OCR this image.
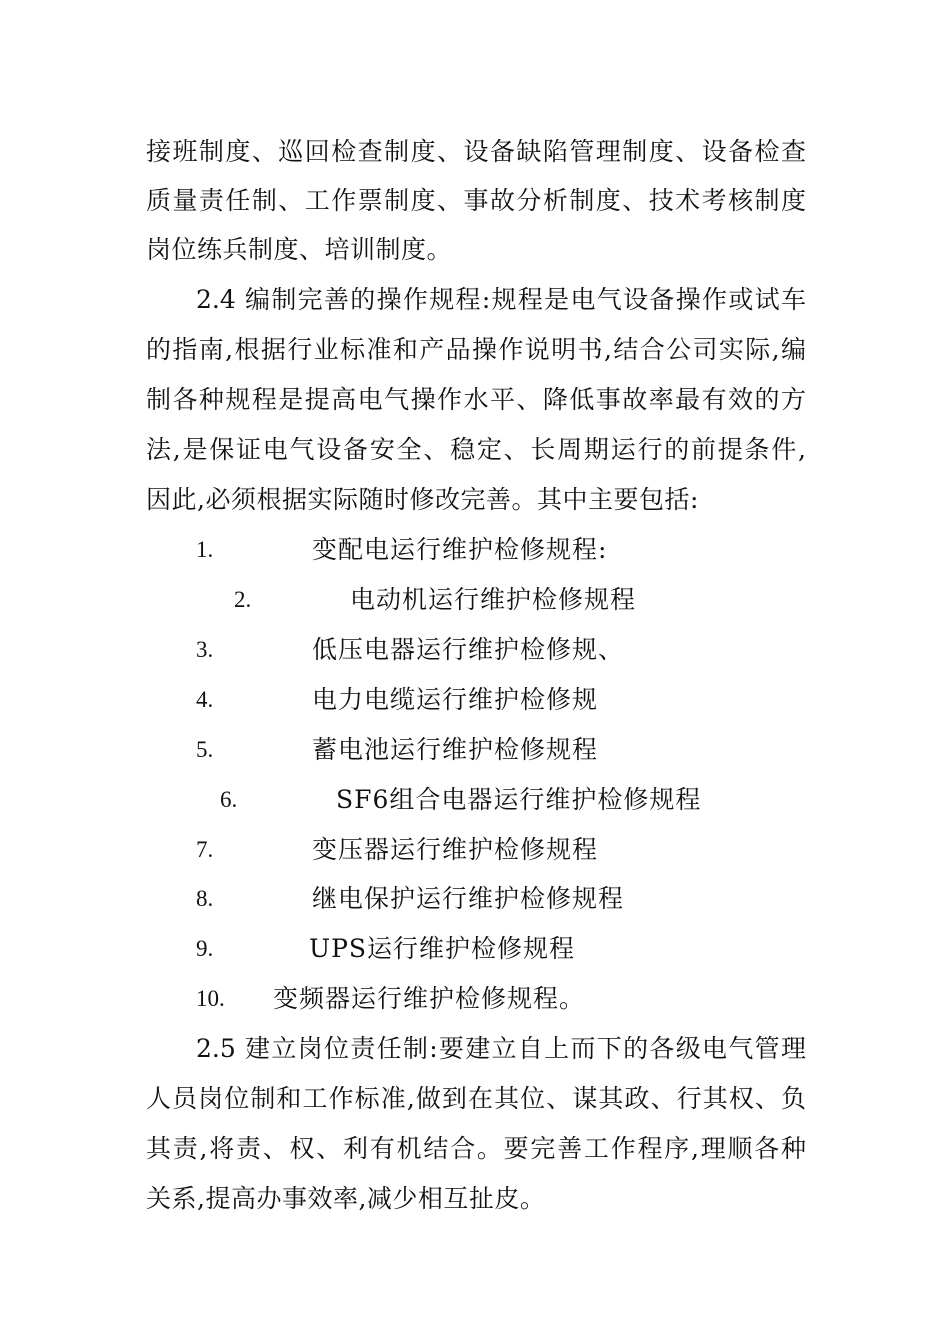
接班制度、巡回检查制度、设备缺陷管理制度、设备检查
质量责任制、工作票制度、事故分析制度、技术考核制度
岗位练兵制度、培训制度。
2.4 编制完善的操作规程:规程是电气设备操作或试车
的指南,根据行业标准和产品操作说明书,结合公司实际,编
制各种规程是提高电气操作水平、降低事故率最有效的方
法,是保证电气设备安全、稳定、长周期运行的前提条件,
因此,必须根据实际随时修改完善。其中主要包括:
1.	变配电运行维护检修规程:
2.	电动机运行维护检修规程
3.	低压电器运行维护检修规、
4.	电力电缆运行维护检修规
5.	蓄电池运行维护检修规程
6.	SF6组合电器运行维护检修规程
7.	变压器运行维护检修规程
8.	继电保护运行维护检修规程
9.	UPS运行维护检修规程
10. 变频器运行维护检修规程。
2.5 建立岗位责任制:要建立自上而下的各级电气管理
人员岗位制和工作标准,做到在其位、谋其政、行其权、负
其责,将责、权、利有机结合。要完善工作程序,理顺各种
关系,提高办事效率,减少相互扯皮。
